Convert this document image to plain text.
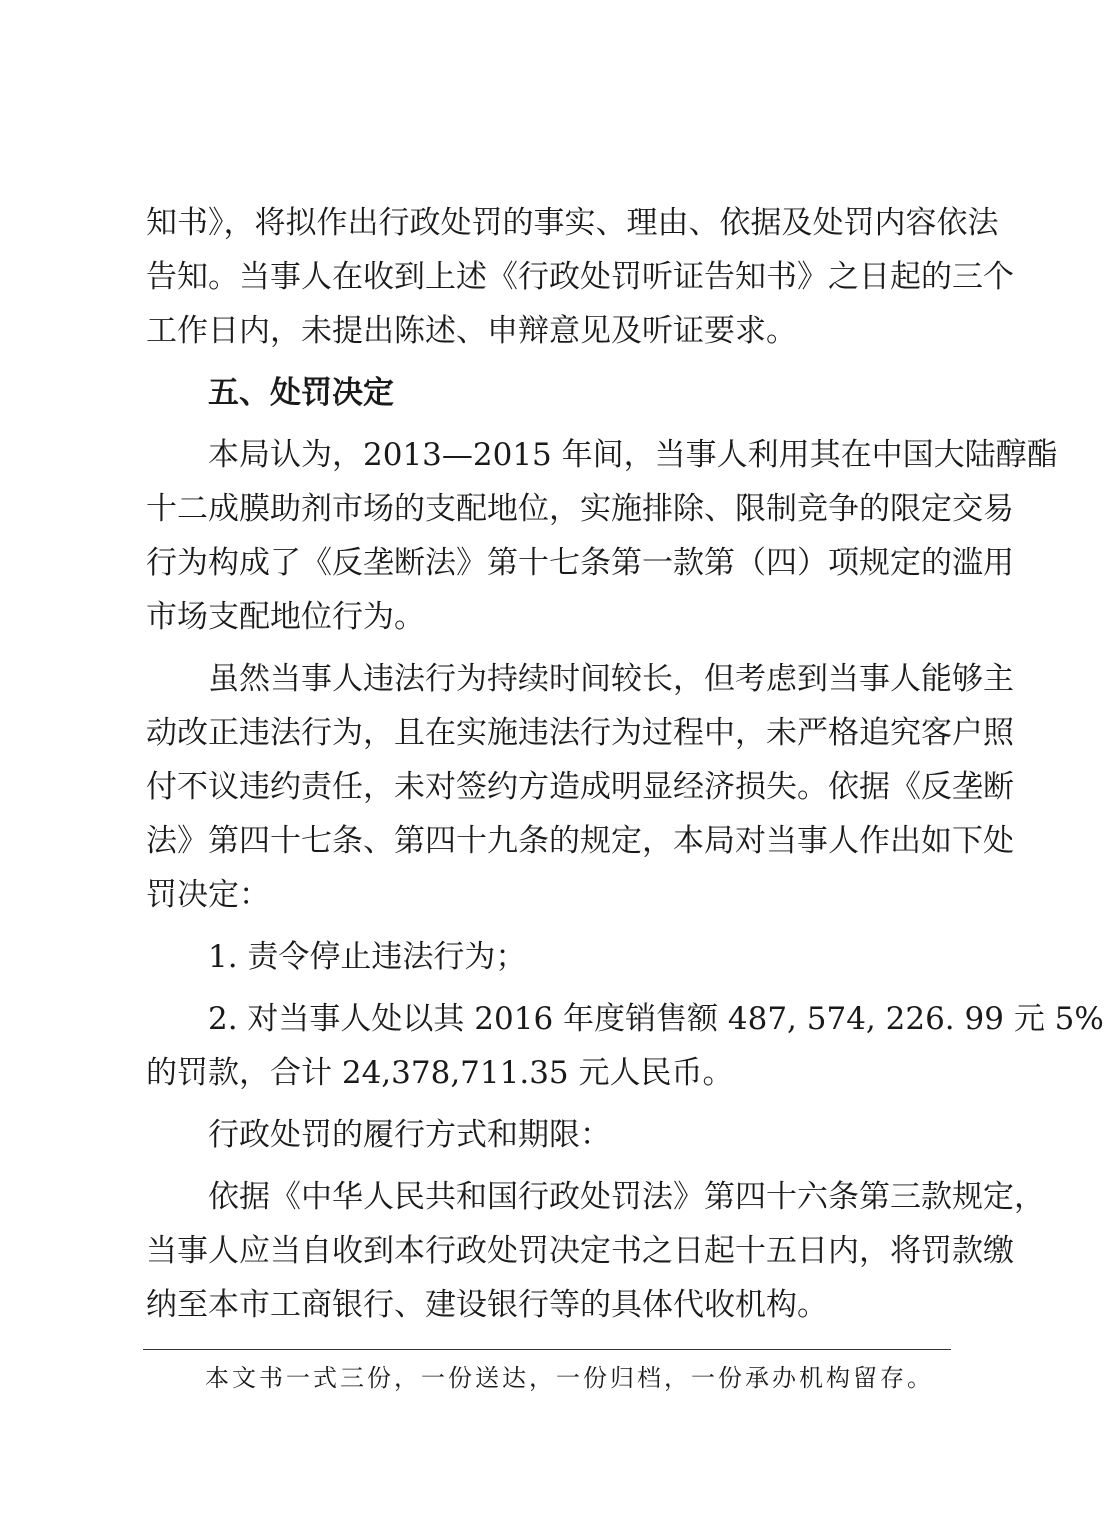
知书》，将拟作出行政处罚的事实、理由、依据及处罚内容依法
告知。当事人在收到上述《行政处罚听证告知书》之日起的三个
工作日内，未提出陈述、申辩意见及听证要求。
五、处罚决定
本局认为，2013—2015 年间，当事人利用其在中国大陆醇酯
十二成膜助剂市场的支配地位，实施排除、限制竞争的限定交易
行为构成了《反垄断法》第十七条第一款第（四）项规定的滥用
市场支配地位行为。
虽然当事人违法行为持续时间较长，但考虑到当事人能够主
动改正违法行为，且在实施违法行为过程中，未严格追究客户照
付不议违约责任，未对签约方造成明显经济损失。依据《反垄断
法》第四十七条、第四十九条的规定，本局对当事人作出如下处
罚决定：
1. 责令停止违法行为；
2. 对当事人处以其 2016 年度销售额 487, 574, 226. 99 元 5%
的罚款，合计 24,378,711.35 元人民币。
行政处罚的履行方式和期限：
依据《中华人民共和国行政处罚法》第四十六条第三款规定，
当事人应当自收到本行政处罚决定书之日起十五日内，将罚款缴
纳至本市工商银行、建设银行等的具体代收机构。
本文书一式三份，一份送达，一份归档，一份承办机构留存。
